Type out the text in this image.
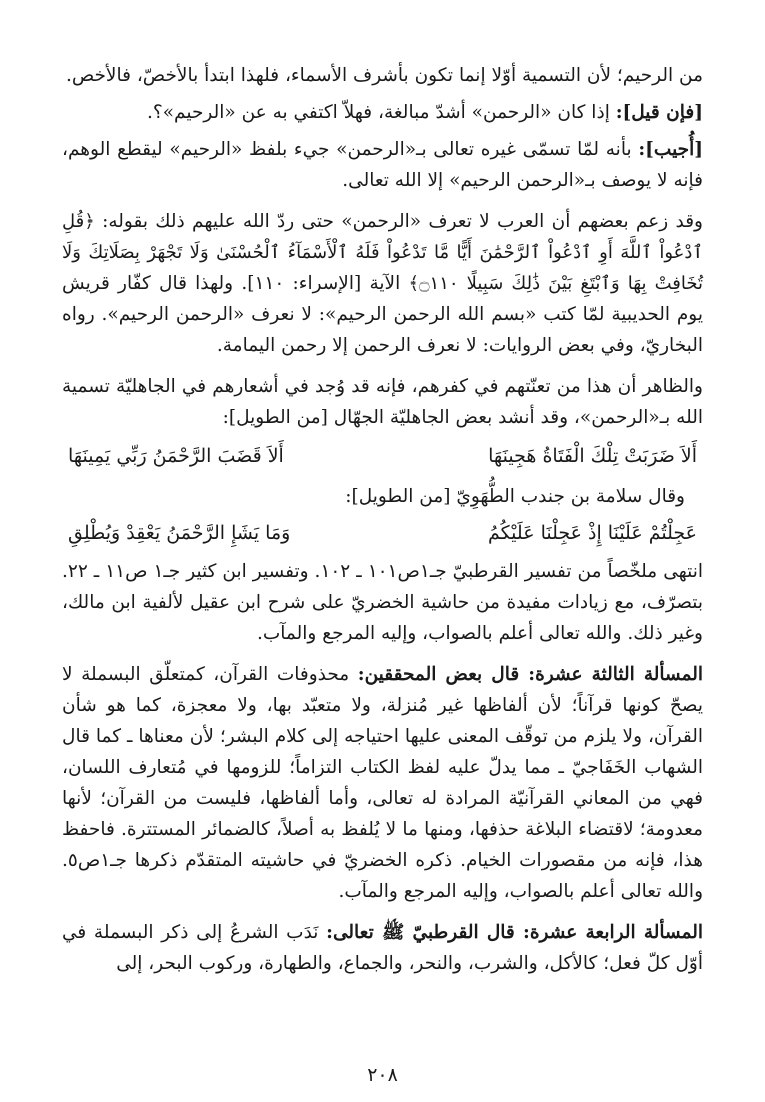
من الرحيم؛ لأن التسمية أوّلا إنما تكون بأشرف الأسماء، فلهذا ابتدأ بالأخصّ، فالأخص.

[فإن قيل]: إذا كان «الرحمن» أشدّ مبالغة، فهلاّ اكتفي به عن «الرحيم»؟.

[أُجيب]: بأنه لمّا تسمّى غيره تعالى بـ«الرحمن» جيء بلفظ «الرحيم» ليقطع الوهم، فإنه لا يوصف بـ«الرحمن الرحيم» إلا الله تعالى.

وقد زعم بعضهم أن العرب لا تعرف «الرحمن» حتى ردّ الله عليهم ذلك بقوله: ﴿قُلِ ٱدْعُواْ ٱللَّهَ أَوِ ٱدْعُواْ ٱلرَّحْمَٰنَ أَيًّا مَّا تَدْعُواْ فَلَهُ ٱلْأَسْمَآءُ ٱلْحُسْنَىٰ وَلَا تَجْهَرْ بِصَلَاتِكَ وَلَا تُخَافِتْ بِهَا وَٱبْتَغِ بَيْنَ ذَٰلِكَ سَبِيلًا ۝١١٠﴾ الآية [الإسراء: ١١٠]. ولهذا قال كفّار قريش يوم الحديبية لمّا كتب «بسم الله الرحمن الرحيم»: لا نعرف «الرحمن الرحيم». رواه البخاريّ، وفي بعض الروايات: لا نعرف الرحمن إلا رحمن اليمامة.

والظاهر أن هذا من تعنّتهم في كفرهم، فإنه قد وُجد في أشعارهم في الجاهليّة تسمية الله بـ«الرحمن»، وقد أنشد بعض الجاهليّة الجهّال [من الطويل]:

أَلاَ ضَرَبَتْ تِلْكَ الْفَتَاةُ هَجِينَهَا
أَلاَ قَضَبَ الرَّحْمَنُ رَبِّي يَمِينَهَا

وقال سلامة بن جندب الطُّهَوِيّ [من الطويل]:

عَجِلْتُمْ عَلَيْنَا إِذْ عَجِلْنَا عَلَيْكُمُ
وَمَا يَشَإِ الرَّحْمَنُ يَعْقِدْ وَيُطْلِقِ

انتهى ملخّصاً من تفسير القرطبيّ جـ١ص١٠١ ـ ١٠٢. وتفسير ابن كثير جـ١ ص١١ ـ ٢٢. بتصرّف، مع زيادات مفيدة من حاشية الخضريّ على شرح ابن عقيل لألفية ابن مالك، وغير ذلك. والله تعالى أعلم بالصواب، وإليه المرجع والمآب.

المسألة الثالثة عشرة: قال بعض المحققين: محذوفات القرآن، كمتعلّق البسملة لا يصحّ كونها قرآناً؛ لأن ألفاظها غير مُنزلة، ولا متعبّد بها، ولا معجزة، كما هو شأن القرآن، ولا يلزم من توقّف المعنى عليها احتياجه إلى كلام البشر؛ لأن معناها ـ كما قال الشهاب الخَفَاجيّ ـ مما يدلّ عليه لفظ الكتاب التزاماً؛ للزومها في مُتعارف اللسان، فهي من المعاني القرآنيّة المرادة له تعالى، وأما ألفاظها، فليست من القرآن؛ لأنها معدومة؛ لاقتضاء البلاغة حذفها، ومنها ما لا يُلفظ به أصلاً، كالضمائر المستترة. فاحفظ هذا، فإنه من مقصورات الخيام. ذكره الخضريّ في حاشيته المتقدّم ذكرها جـ١ص٥. والله تعالى أعلم بالصواب، وإليه المرجع والمآب.

المسألة الرابعة عشرة: قال القرطبيّ ﷺ تعالى: نَدَب الشرعُ إلى ذكر البسملة في أوّل كلّ فعل؛ كالأكل، والشرب، والنحر، والجماع، والطهارة، وركوب البحر، إلى

٢٠٨
